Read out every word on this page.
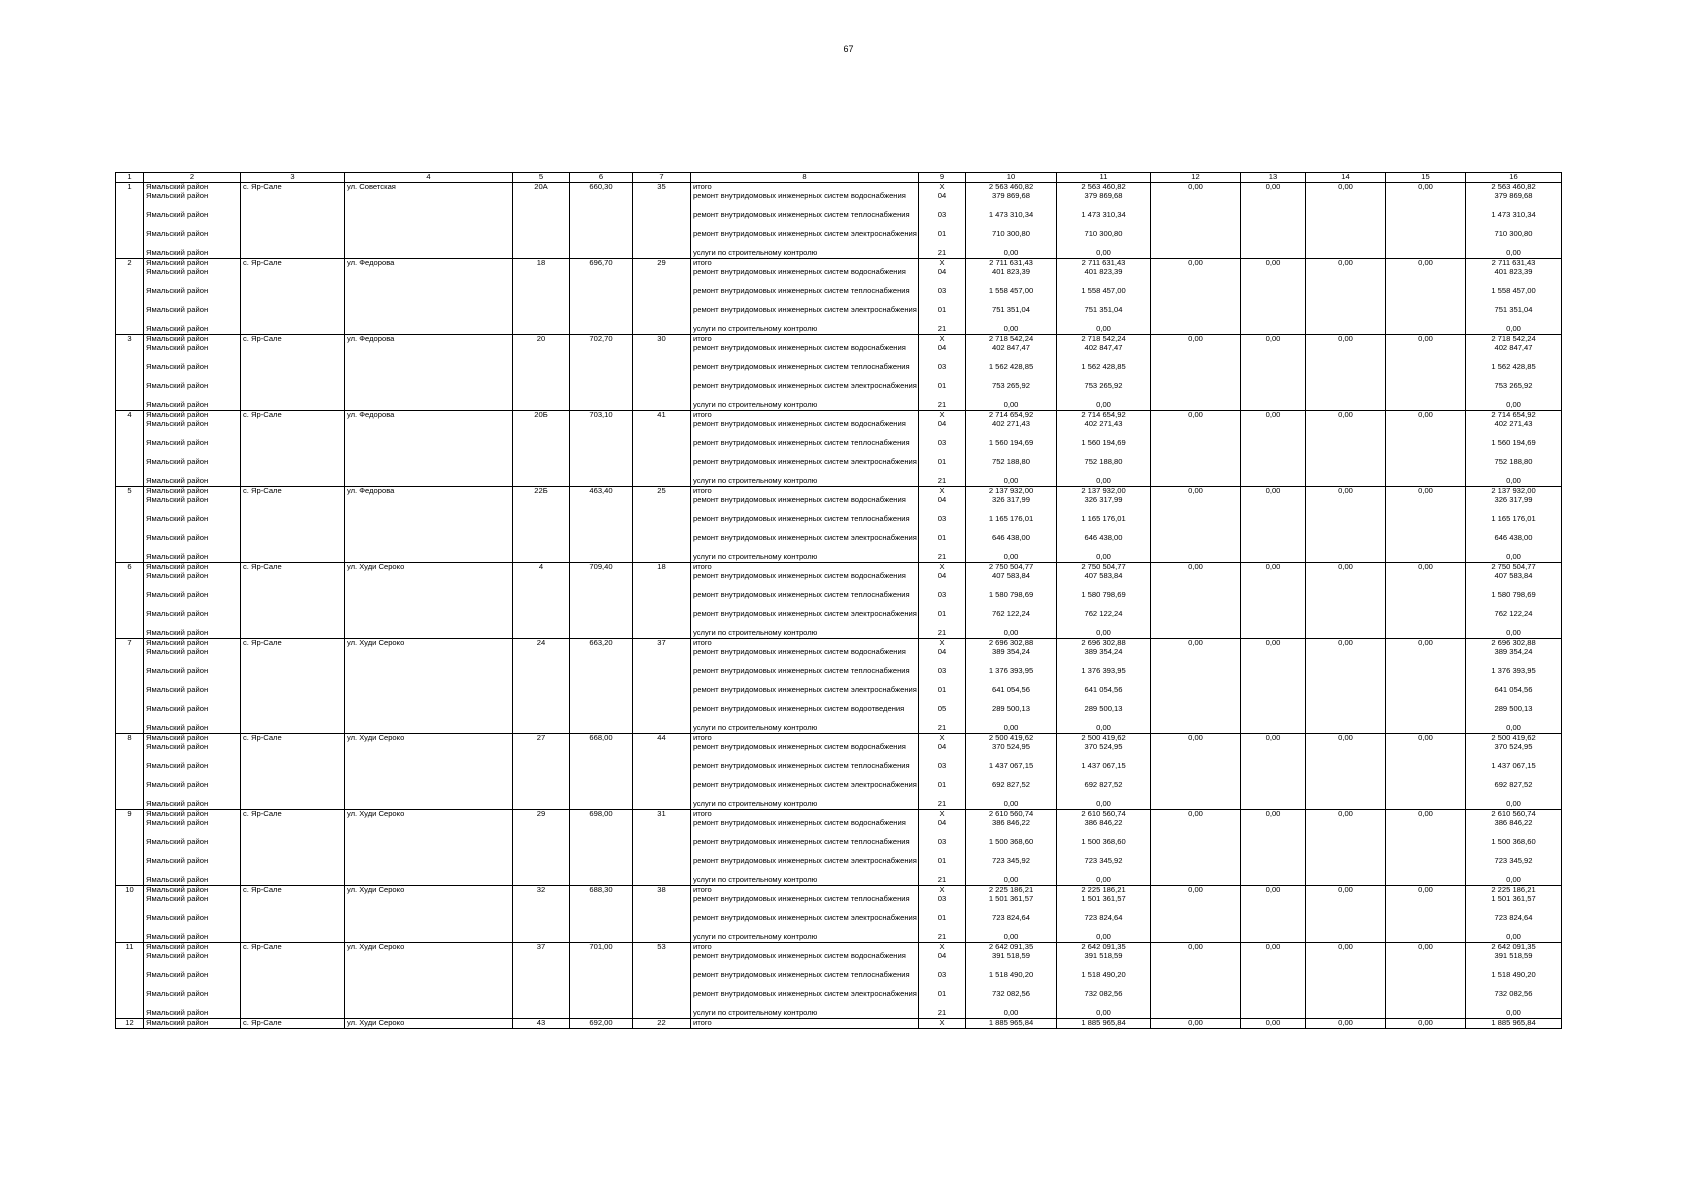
67
1	2	3	4	5	6	7	8	9	10	11	12	13	14	15	16
1	Ямальский район	с. Яр-Сале	ул. Советская	20А	660,30	35	итого	X	2 563 460,82	2 563 460,82	0,00	0,00	0,00	0,00	2 563 460,82
	Ямальский район						ремонт внутридомовых инженерных систем водоснабжения	04	379 869,68	379 869,68					379 869,68
	Ямальский район						ремонт внутридомовых инженерных систем теплоснабжения	03	1 473 310,34	1 473 310,34					1 473 310,34
	Ямальский район						ремонт внутридомовых инженерных систем электроснабжения	01	710 300,80	710 300,80					710 300,80
	Ямальский район						услуги по строительному контролю	21	0,00	0,00					0,00
2	Ямальский район	с. Яр-Сале	ул. Федорова	18	696,70	29	итого	X	2 711 631,43	2 711 631,43	0,00	0,00	0,00	0,00	2 711 631,43
	Ямальский район						ремонт внутридомовых инженерных систем водоснабжения	04	401 823,39	401 823,39					401 823,39
	Ямальский район						ремонт внутридомовых инженерных систем теплоснабжения	03	1 558 457,00	1 558 457,00					1 558 457,00
	Ямальский район						ремонт внутридомовых инженерных систем электроснабжения	01	751 351,04	751 351,04					751 351,04
	Ямальский район						услуги по строительному контролю	21	0,00	0,00					0,00
3	Ямальский район	с. Яр-Сале	ул. Федорова	20	702,70	30	итого	X	2 718 542,24	2 718 542,24	0,00	0,00	0,00	0,00	2 718 542,24
	Ямальский район						ремонт внутридомовых инженерных систем водоснабжения	04	402 847,47	402 847,47					402 847,47
	Ямальский район						ремонт внутридомовых инженерных систем теплоснабжения	03	1 562 428,85	1 562 428,85					1 562 428,85
	Ямальский район						ремонт внутридомовых инженерных систем электроснабжения	01	753 265,92	753 265,92					753 265,92
	Ямальский район						услуги по строительному контролю	21	0,00	0,00					0,00
4	Ямальский район	с. Яр-Сале	ул. Федорова	20Б	703,10	41	итого	X	2 714 654,92	2 714 654,92	0,00	0,00	0,00	0,00	2 714 654,92
	Ямальский район						ремонт внутридомовых инженерных систем водоснабжения	04	402 271,43	402 271,43					402 271,43
	Ямальский район						ремонт внутридомовых инженерных систем теплоснабжения	03	1 560 194,69	1 560 194,69					1 560 194,69
	Ямальский район						ремонт внутридомовых инженерных систем электроснабжения	01	752 188,80	752 188,80					752 188,80
	Ямальский район						услуги по строительному контролю	21	0,00	0,00					0,00
5	Ямальский район	с. Яр-Сале	ул. Федорова	22Б	463,40	25	итого	X	2 137 932,00	2 137 932,00	0,00	0,00	0,00	0,00	2 137 932,00
	Ямальский район						ремонт внутридомовых инженерных систем водоснабжения	04	326 317,99	326 317,99					326 317,99
	Ямальский район						ремонт внутридомовых инженерных систем теплоснабжения	03	1 165 176,01	1 165 176,01					1 165 176,01
	Ямальский район						ремонт внутридомовых инженерных систем электроснабжения	01	646 438,00	646 438,00					646 438,00
	Ямальский район						услуги по строительному контролю	21	0,00	0,00					0,00
6	Ямальский район	с. Яр-Сале	ул. Худи Сероко	4	709,40	18	итого	X	2 750 504,77	2 750 504,77	0,00	0,00	0,00	0,00	2 750 504,77
	Ямальский район						ремонт внутридомовых инженерных систем водоснабжения	04	407 583,84	407 583,84					407 583,84
	Ямальский район						ремонт внутридомовых инженерных систем теплоснабжения	03	1 580 798,69	1 580 798,69					1 580 798,69
	Ямальский район						ремонт внутридомовых инженерных систем электроснабжения	01	762 122,24	762 122,24					762 122,24
	Ямальский район						услуги по строительному контролю	21	0,00	0,00					0,00
7	Ямальский район	с. Яр-Сале	ул. Худи Сероко	24	663,20	37	итого	X	2 696 302,88	2 696 302,88	0,00	0,00	0,00	0,00	2 696 302,88
	Ямальский район						ремонт внутридомовых инженерных систем водоснабжения	04	389 354,24	389 354,24					389 354,24
	Ямальский район						ремонт внутридомовых инженерных систем теплоснабжения	03	1 376 393,95	1 376 393,95					1 376 393,95
	Ямальский район						ремонт внутридомовых инженерных систем электроснабжения	01	641 054,56	641 054,56					641 054,56
	Ямальский район						ремонт внутридомовых инженерных систем водоотведения	05	289 500,13	289 500,13					289 500,13
	Ямальский район						услуги по строительному контролю	21	0,00	0,00					0,00
8	Ямальский район	с. Яр-Сале	ул. Худи Сероко	27	668,00	44	итого	X	2 500 419,62	2 500 419,62	0,00	0,00	0,00	0,00	2 500 419,62
	Ямальский район						ремонт внутридомовых инженерных систем водоснабжения	04	370 524,95	370 524,95					370 524,95
	Ямальский район						ремонт внутридомовых инженерных систем теплоснабжения	03	1 437 067,15	1 437 067,15					1 437 067,15
	Ямальский район						ремонт внутридомовых инженерных систем электроснабжения	01	692 827,52	692 827,52					692 827,52
	Ямальский район						услуги по строительному контролю	21	0,00	0,00					0,00
9	Ямальский район	с. Яр-Сале	ул. Худи Сероко	29	698,00	31	итого	X	2 610 560,74	2 610 560,74	0,00	0,00	0,00	0,00	2 610 560,74
	Ямальский район						ремонт внутридомовых инженерных систем водоснабжения	04	386 846,22	386 846,22					386 846,22
	Ямальский район						ремонт внутридомовых инженерных систем теплоснабжения	03	1 500 368,60	1 500 368,60					1 500 368,60
	Ямальский район						ремонт внутридомовых инженерных систем электроснабжения	01	723 345,92	723 345,92					723 345,92
	Ямальский район						услуги по строительному контролю	21	0,00	0,00					0,00
10	Ямальский район	с. Яр-Сале	ул. Худи Сероко	32	688,30	38	итого	X	2 225 186,21	2 225 186,21	0,00	0,00	0,00	0,00	2 225 186,21
	Ямальский район						ремонт внутридомовых инженерных систем теплоснабжения	03	1 501 361,57	1 501 361,57					1 501 361,57
	Ямальский район						ремонт внутридомовых инженерных систем электроснабжения	01	723 824,64	723 824,64					723 824,64
	Ямальский район						услуги по строительному контролю	21	0,00	0,00					0,00
11	Ямальский район	с. Яр-Сале	ул. Худи Сероко	37	701,00	53	итого	X	2 642 091,35	2 642 091,35	0,00	0,00	0,00	0,00	2 642 091,35
	Ямальский район						ремонт внутридомовых инженерных систем водоснабжения	04	391 518,59	391 518,59					391 518,59
	Ямальский район						ремонт внутридомовых инженерных систем теплоснабжения	03	1 518 490,20	1 518 490,20					1 518 490,20
	Ямальский район						ремонт внутридомовых инженерных систем электроснабжения	01	732 082,56	732 082,56					732 082,56
	Ямальский район						услуги по строительному контролю	21	0,00	0,00					0,00
12	Ямальский район	с. Яр-Сале	ул. Худи Сероко	43	692,00	22	итого	X	1 885 965,84	1 885 965,84	0,00	0,00	0,00	0,00	1 885 965,84
